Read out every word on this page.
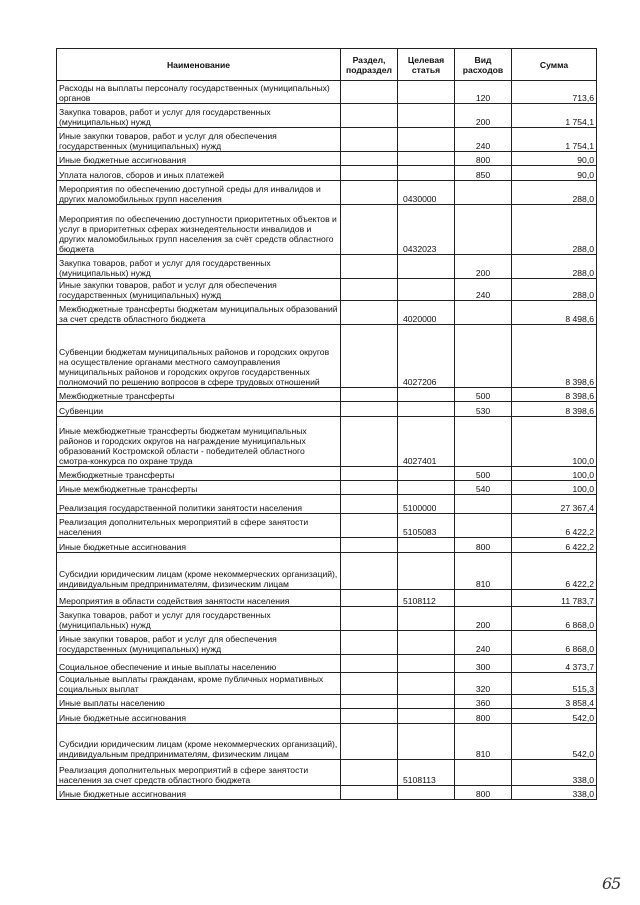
Наименование	Раздел, подраздел	Целевая статья	Вид расходов	Сумма
Расходы на выплаты персоналу государственных (муниципальных) органов			120	713,6
Закупка товаров, работ и услуг для государственных (муниципальных) нужд			200	1 754,1
Иные закупки товаров, работ и услуг для обеспечения государственных (муниципальных) нужд			240	1 754,1
Иные бюджетные ассигнования			800	90,0
Уплата налогов, сборов и иных платежей			850	90,0
Мероприятия по обеспечению доступной среды для инвалидов и других маломобильных групп населения		0430000		288,0
Мероприятия по обеспечению доступности приоритетных объектов и услуг в приоритетных сферах жизнедеятельности инвалидов и других маломобильных групп населения за счёт средств областного бюджета		0432023		288,0
Закупка товаров, работ и услуг для государственных (муниципальных) нужд			200	288,0
Иные закупки товаров, работ и услуг для обеспечения государственных (муниципальных) нужд			240	288,0
Межбюджетные трансферты бюджетам муниципальных образований за счет средств областного бюджета		4020000		8 498,6
Субвенции бюджетам муниципальных районов и городских округов на осуществление органами местного самоуправления муниципальных районов и городских округов государственных полномочий по решению вопросов в сфере трудовых отношений		4027206		8 398,6
Межбюджетные трансферты			500	8 398,6
Субвенции			530	8 398,6
Иные межбюджетные трансферты бюджетам муниципальных районов и городских округов на награждение муниципальных образований Костромской области - победителей областного смотра-конкурса по охране труда		4027401		100,0
Межбюджетные трансферты			500	100,0
Иные межбюджетные трансферты			540	100,0
Реализация государственной политики занятости населения		5100000		27 367,4
Реализация дополнительных мероприятий в сфере занятости населения		5105083		6 422,2
Иные бюджетные ассигнования			800	6 422,2
Субсидии юридическим лицам (кроме некоммерческих организаций), индивидуальным предпринимателям, физическим лицам			810	6 422,2
Мероприятия в области содействия занятости населения		5108112		11 783,7
Закупка товаров, работ и услуг для государственных (муниципальных) нужд			200	6 868,0
Иные закупки товаров, работ и услуг для обеспечения государственных (муниципальных) нужд			240	6 868,0
Социальное обеспечение и иные выплаты населению			300	4 373,7
Социальные выплаты гражданам, кроме публичных нормативных социальных выплат			320	515,3
Иные выплаты населению			360	3 858,4
Иные бюджетные ассигнования			800	542,0
Субсидии юридическим лицам (кроме некоммерческих организаций), индивидуальным предпринимателям, физическим лицам			810	542,0
Реализация дополнительных мероприятий в сфере занятости населения за счет средств областного бюджета		5108113		338,0
Иные бюджетные ассигнования			800	338,0
65
